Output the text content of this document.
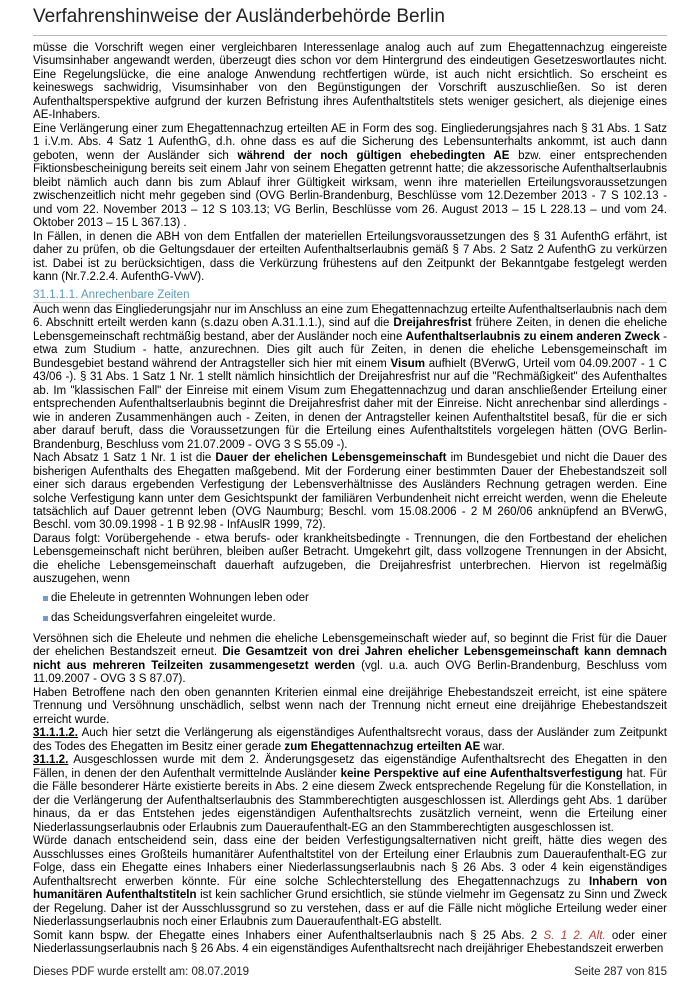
Verfahrenshinweise der Ausländerbehörde Berlin

müsse die Vorschrift wegen einer vergleichbaren Interessenlage analog auch auf zum Ehegattennachzug eingereiste Visumsinhaber angewandt werden, überzeugt dies schon vor dem Hintergrund des eindeutigen Gesetzeswortlautes nicht. Eine Regelungslücke, die eine analoge Anwendung rechtfertigen würde, ist auch nicht ersichtlich. So erscheint es keineswegs sachwidrig, Visumsinhaber von den Begünstigungen der Vorschrift auszuschließen. So ist deren Aufenthaltsperspektive aufgrund der kurzen Befristung ihres Aufenthaltstitels stets weniger gesichert, als diejenige eines AE-Inhabers.

Eine Verlängerung einer zum Ehegattennachzug erteilten AE in Form des sog. Eingliederungsjahres nach § 31 Abs. 1 Satz 1 i.V.m. Abs. 4 Satz 1 AufenthG, d.h. ohne dass es auf die Sicherung des Lebensunterhalts ankommt, ist auch dann geboten, wenn der Ausländer sich während der noch gültigen ehebedingten AE bzw. einer entsprechenden Fiktionsbescheinigung bereits seit einem Jahr von seinem Ehegatten getrennt hatte; die akzessorische Aufenthaltserlaubnis bleibt nämlich auch dann bis zum Ablauf ihrer Gültigkeit wirksam, wenn ihre materiellen Erteilungsvoraussetzungen zwischenzeitlich nicht mehr gegeben sind (OVG Berlin-Brandenburg, Beschlüsse vom 12.Dezember 2013 - 7 S 102.13 - und vom 22. November 2013 – 12 S 103.13; VG Berlin, Beschlüsse vom 26. August 2013 – 15 L 228.13 – und vom 24. Oktober 2013 – 15 L 367.13) .

In Fällen, in denen die ABH von dem Entfallen der materiellen Erteilungsvoraussetzungen des § 31 AufenthG erfährt, ist daher zu prüfen, ob die Geltungsdauer der erteilten Aufenthaltserlaubnis gemäß § 7 Abs. 2 Satz 2 AufenthG zu verkürzen ist. Dabei ist zu berücksichtigen, dass die Verkürzung frühestens auf den Zeitpunkt der Bekanntgabe festgelegt werden kann (Nr.7.2.2.4. AufenthG-VwV).

31.1.1.1. Anrechenbare Zeiten

Auch wenn das Eingliederungsjahr nur im Anschluss an eine zum Ehegattennachzug erteilte Aufenthaltserlaubnis nach dem 6. Abschnitt erteilt werden kann (s.dazu oben A.31.1.1.), sind auf die Dreijahresfrist frühere Zeiten, in denen die eheliche Lebensgemeinschaft rechtmäßig bestand, aber der Ausländer noch eine Aufenthaltserlaubnis zu einem anderen Zweck - etwa zum Studium - hatte, anzurechnen. Dies gilt auch für Zeiten, in denen die eheliche Lebensgemeinschaft im Bundesgebiet bestand während der Antragsteller sich hier mit einem Visum aufhielt (BVerwG, Urteil vom 04.09.2007 - 1 C 43/06 -). § 31 Abs. 1 Satz 1 Nr. 1 stellt nämlich hinsichtlich der Dreijahresfrist nur auf die "Rechmäßigkeit" des Aufenthaltes ab. Im "klassischen Fall" der Einreise mit einem Visum zum Ehegattennachzug und daran anschließender Erteilung einer entsprechenden Aufenthaltserlaubnis beginnt die Dreijahresfrist daher mit der Einreise. Nicht anrechenbar sind allerdings - wie in anderen Zusammenhängen auch - Zeiten, in denen der Antragsteller keinen Aufenthaltstitel besaß, für die er sich aber darauf beruft, dass die Voraussetzungen für die Erteilung eines Aufenthaltstitels vorgelegen hätten (OVG Berlin-Brandenburg, Beschluss vom 21.07.2009 - OVG 3 S 55.09 -).

Nach Absatz 1 Satz 1 Nr. 1 ist die Dauer der ehelichen Lebensgemeinschaft im Bundesgebiet und nicht die Dauer des bisherigen Aufenthalts des Ehegatten maßgebend. Mit der Forderung einer bestimmten Dauer der Ehebestandszeit soll einer sich daraus ergebenden Verfestigung der Lebensverhältnisse des Ausländers Rechnung getragen werden. Eine solche Verfestigung kann unter dem Gesichtspunkt der familiären Verbundenheit nicht erreicht werden, wenn die Eheleute tatsächlich auf Dauer getrennt leben (OVG Naumburg; Beschl. vom 15.08.2006 - 2 M 260/06 anknüpfend an BVerwG, Beschl. vom 30.09.1998 - 1 B 92.98 - InfAuslR 1999, 72).

Daraus folgt: Vorübergehende - etwa berufs- oder krankheitsbedingte - Trennungen, die den Fortbestand der ehelichen Lebensgemeinschaft nicht berühren, bleiben außer Betracht. Umgekehrt gilt, dass vollzogene Trennungen in der Absicht, die eheliche Lebensgemeinschaft dauerhaft aufzugeben, die Dreijahresfrist unterbrechen. Hiervon ist regelmäßig auszugehen, wenn

die Eheleute in getrennten Wohnungen leben oder
das Scheidungsverfahren eingeleitet wurde.

Versöhnen sich die Eheleute und nehmen die eheliche Lebensgemeinschaft wieder auf, so beginnt die Frist für die Dauer der ehelichen Bestandszeit erneut. Die Gesamtzeit von drei Jahren ehelicher Lebensgemeinschaft kann demnach nicht aus mehreren Teilzeiten zusammengesetzt werden (vgl. u.a. auch OVG Berlin-Brandenburg, Beschluss vom 11.09.2007 - OVG 3 S 87.07).

Haben Betroffene nach den oben genannten Kriterien einmal eine dreijährige Ehebestandszeit erreicht, ist eine spätere Trennung und Versöhnung unschädlich, selbst wenn nach der Trennung nicht erneut eine dreijährige Ehebestandszeit erreicht wurde.

31.1.1.2. Auch hier setzt die Verlängerung als eigenständiges Aufenthaltsrecht voraus, dass der Ausländer zum Zeitpunkt des Todes des Ehegatten im Besitz einer gerade zum Ehegattennachzug erteilten AE war.

31.1.2. Ausgeschlossen wurde mit dem 2. Änderungsgesetz das eigenständige Aufenthaltsrecht des Ehegatten in den Fällen, in denen der den Aufenthalt vermittelnde Ausländer keine Perspektive auf eine Aufenthaltsverfestigung hat. Für die Fälle besonderer Härte existierte bereits in Abs. 2 eine diesem Zweck entsprechende Regelung für die Konstellation, in der die Verlängerung der Aufenthaltserlaubnis des Stammberechtigten ausgeschlossen ist. Allerdings geht Abs. 1 darüber hinaus, da er das Entstehen jedes eigenständigen Aufenthaltsrechts zusätzlich verneint, wenn die Erteilung einer Niederlassungserlaubnis oder Erlaubnis zum Daueraufenthalt-EG an den Stammberechtigten ausgeschlossen ist.

Würde danach entscheidend sein, dass eine der beiden Verfestigungsalternativen nicht greift, hätte dies wegen des Ausschlusses eines Großteils humanitärer Aufenthaltstitel von der Erteilung einer Erlaubnis zum Daueraufenthalt-EG zur Folge, dass ein Ehegatte eines Inhabers einer Niederlassungserlaubnis nach § 26 Abs. 3 oder 4 kein eigenständiges Aufenthaltsrecht erwerben könnte. Für eine solche Schlechterstellung des Ehegattennachzugs zu Inhabern von humanitären Aufenthaltstiteln ist kein sachlicher Grund ersichtlich, sie stünde vielmehr im Gegensatz zu Sinn und Zweck der Regelung. Daher ist der Ausschlussgrund so zu verstehen, dass er auf die Fälle nicht mögliche Erteilung weder einer Niederlassungserlaubnis noch einer Erlaubnis zum Daueraufenthalt-EG abstellt.

Somit kann bspw. der Ehegatte eines Inhabers einer Aufenthaltserlaubnis nach § 25 Abs. 2 S. 1 2. Alt. oder einer Niederlassungserlaubnis nach § 26 Abs. 4 ein eigenständiges Aufenthaltsrecht nach dreijähriger Ehebestandszeit erwerben

Dieses PDF wurde erstellt am: 08.07.2019	Seite 287 von 815
